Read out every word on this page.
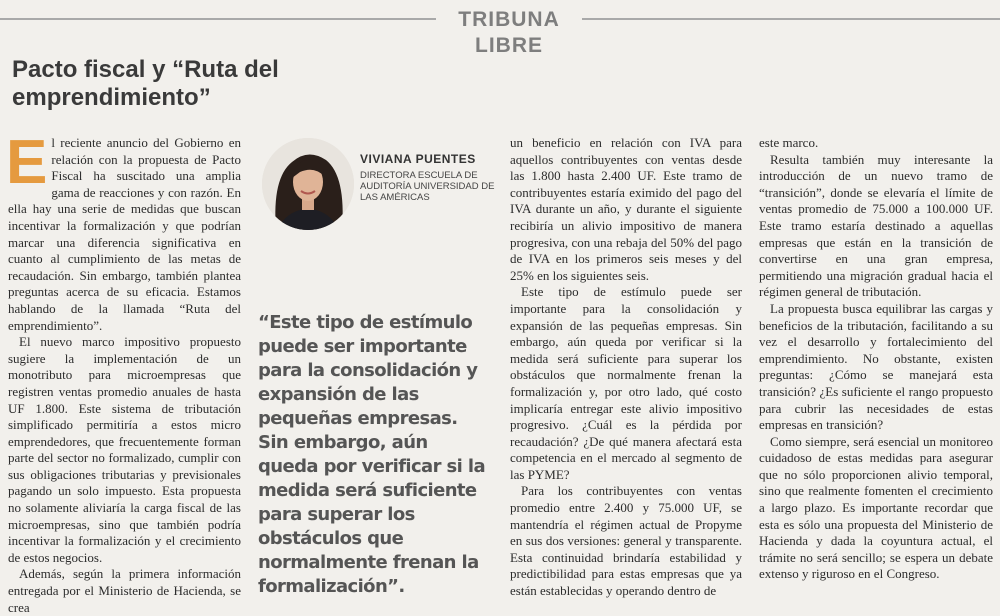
TRIBUNA LIBRE
Pacto fiscal y “Ruta del emprendimiento”
E l reciente anuncio del Gobierno en relación con la propuesta de Pacto Fiscal ha suscitado una amplia gama de reacciones y con razón. En ella hay una serie de medidas que buscan incentivar la formalización y que podrían marcar una diferencia significativa en cuanto al cumplimiento de las metas de recaudación. Sin embargo, también plantea preguntas acerca de su eficacia. Estamos hablando de la llamada “Ruta del emprendimiento”.

El nuevo marco impositivo propuesto sugiere la implementación de un monotributo para microempresas que registren ventas promedio anuales de hasta UF 1.800. Este sistema de tributación simplificado permitiría a estos micro emprendedores, que frecuentemente forman parte del sector no formalizado, cumplir con sus obligaciones tributarias y previsionales pagando un solo impuesto. Esta propuesta no solamente aliviaría la carga fiscal de las microempresas, sino que también podría incentivar la formalización y el crecimiento de estos negocios.

Además, según la primera información entregada por el Ministerio de Hacienda, se crea

VIVIANA PUENTES
DIRECTORA ESCUELA DE AUDITORÍA UNIVERSIDAD DE LAS AMÉRICAS
“Este tipo de estímulo puede ser importante para la consolidación y expansión de las pequeñas empresas. Sin embargo, aún queda por verificar si la medida será suficiente para superar los obstáculos que normalmente frenan la formalización”.

un beneficio en relación con IVA para aquellos contribuyentes con ventas desde las 1.800 hasta 2.400 UF. Este tramo de contribuyentes estaría eximido del pago del IVA durante un año, y durante el siguiente recibiría un alivio impositivo de manera progresiva, con una rebaja del 50% del pago de IVA en los primeros seis meses y del 25% en los siguientes seis.

Este tipo de estímulo puede ser importante para la consolidación y expansión de las pequeñas empresas. Sin embargo, aún queda por verificar si la medida será suficiente para superar los obstáculos que normalmente frenan la formalización y, por otro lado, qué costo implicaría entregar este alivio impositivo progresivo. ¿Cuál es la pérdida por recaudación? ¿De qué manera afectará esta competencia en el mercado al segmento de las PYME?

Para los contribuyentes con ventas promedio entre 2.400 y 75.000 UF, se mantendría el régimen actual de Propyme en sus dos versiones: general y transparente. Esta continuidad brindaría estabilidad y predictibilidad para estas empresas que ya están establecidas y operando dentro de

este marco.

Resulta también muy interesante la introducción de un nuevo tramo de “transición”, donde se elevaría el límite de ventas promedio de 75.000 a 100.000 UF. Este tramo estaría destinado a aquellas empresas que están en la transición de convertirse en una gran empresa, permitiendo una migración gradual hacia el régimen general de tributación.

La propuesta busca equilibrar las cargas y beneficios de la tributación, facilitando a su vez el desarrollo y fortalecimiento del emprendimiento. No obstante, existen preguntas: ¿Cómo se manejará esta transición? ¿Es suficiente el rango propuesto para cubrir las necesidades de estas empresas en transición?

Como siempre, será esencial un monitoreo cuidadoso de estas medidas para asegurar que no sólo proporcionen alivio temporal, sino que realmente fomenten el crecimiento a largo plazo. Es importante recordar que esta es sólo una propuesta del Ministerio de Hacienda y dada la coyuntura actual, el trámite no será sencillo; se espera un debate extenso y riguroso en el Congreso.
